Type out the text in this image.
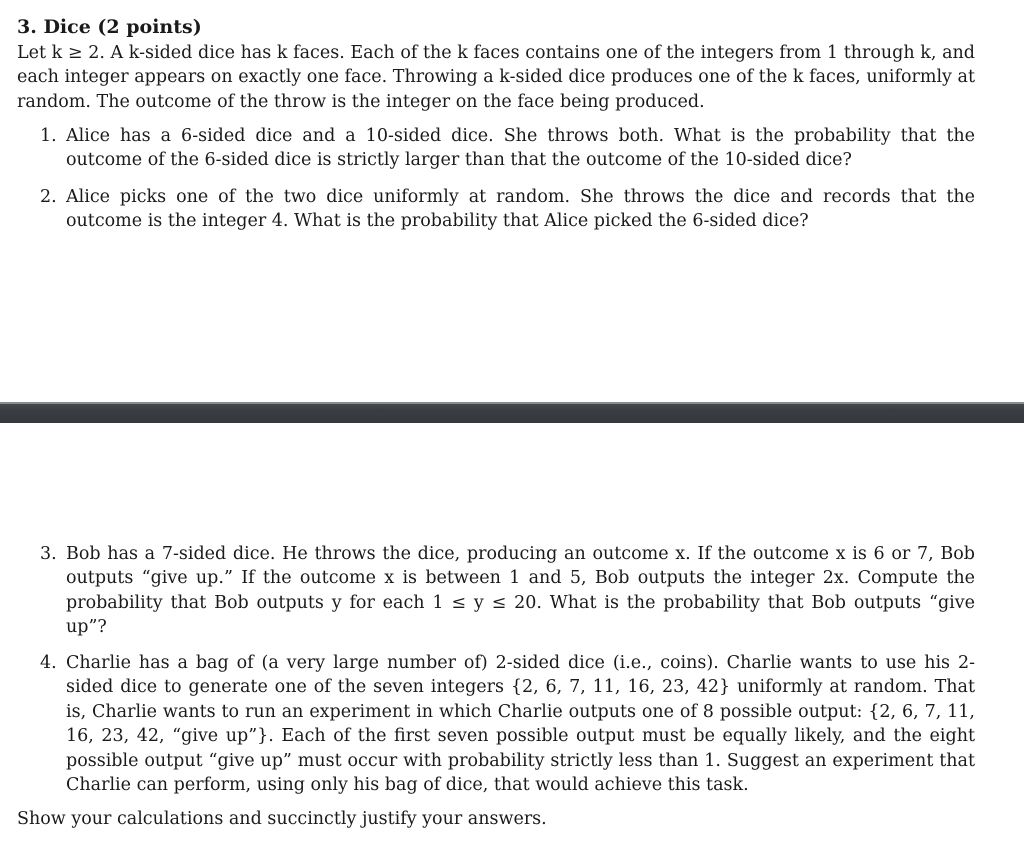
3. Dice (2 points)

Let k ≥ 2. A k-sided dice has k faces. Each of the k faces contains one of the integers from 1 through k, and each integer appears on exactly one face. Throwing a k-sided dice produces one of the k faces, uniformly at random. The outcome of the throw is the integer on the face being produced.

1. Alice has a 6-sided dice and a 10-sided dice. She throws both. What is the probability that the outcome of the 6-sided dice is strictly larger than that the outcome of the 10-sided dice?
2. Alice picks one of the two dice uniformly at random. She throws the dice and records that the outcome is the integer 4. What is the probability that Alice picked the 6-sided dice?
3. Bob has a 7-sided dice. He throws the dice, producing an outcome x. If the outcome x is 6 or 7, Bob outputs “give up.” If the outcome x is between 1 and 5, Bob outputs the integer 2x. Compute the probability that Bob outputs y for each 1 ≤ y ≤ 20. What is the probability that Bob outputs “give up”?
4. Charlie has a bag of (a very large number of) 2-sided dice (i.e., coins). Charlie wants to use his 2-sided dice to generate one of the seven integers {2, 6, 7, 11, 16, 23, 42} uniformly at random. That is, Charlie wants to run an experiment in which Charlie outputs one of 8 possible output: {2, 6, 7, 11, 16, 23, 42, “give up”}. Each of the first seven possible output must be equally likely, and the eight possible output “give up” must occur with probability strictly less than 1. Suggest an experiment that Charlie can perform, using only his bag of dice, that would achieve this task.

Show your calculations and succinctly justify your answers.
